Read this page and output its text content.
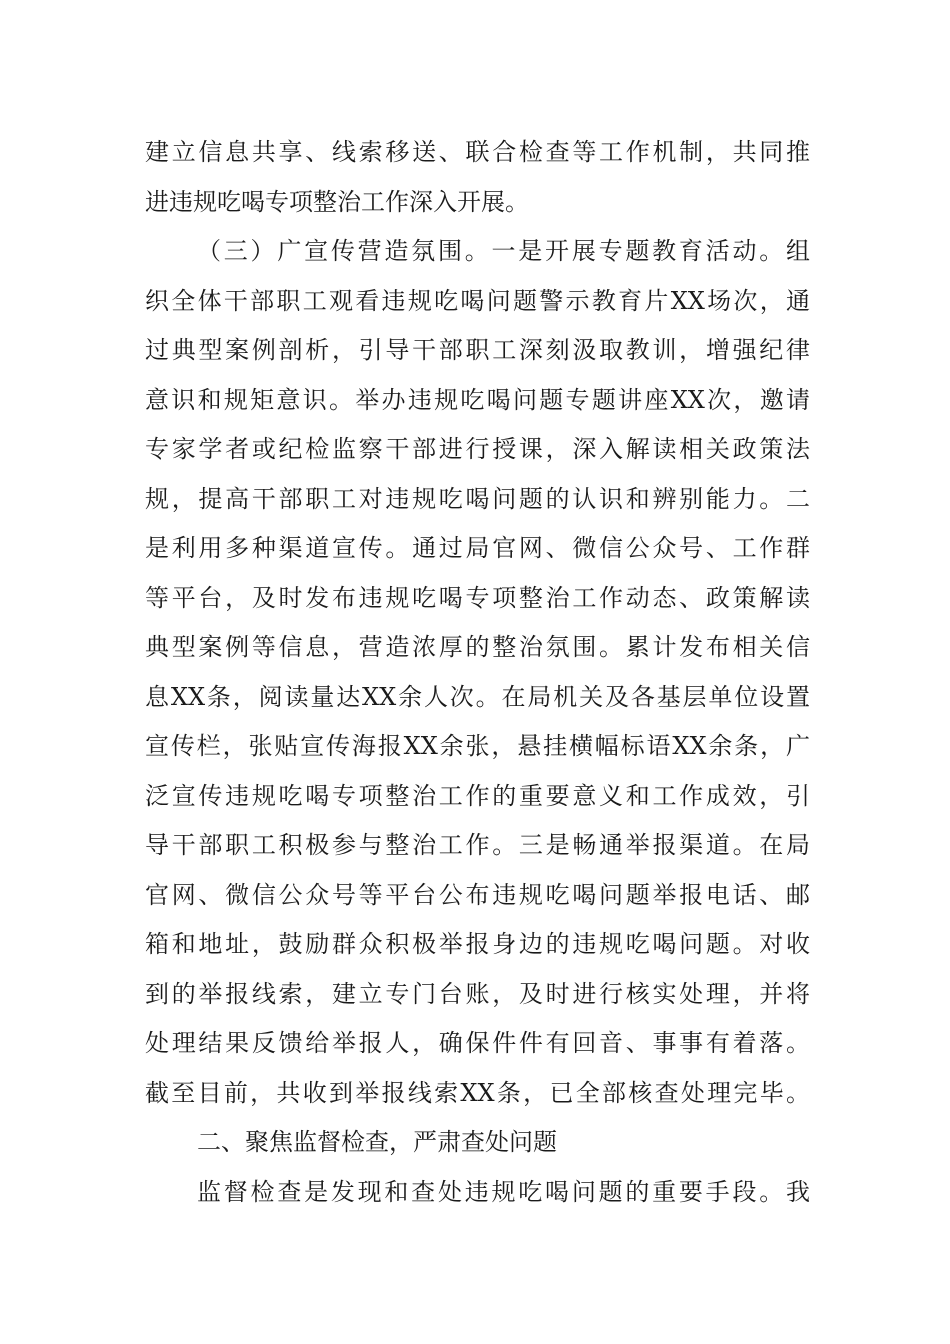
建立信息共享、线索移送、联合检查等工作机制，共同推
进违规吃喝专项整治工作深入开展。
（三）广宣传营造氛围。一是开展专题教育活动。组
织全体干部职工观看违规吃喝问题警示教育片XX场次，通
过典型案例剖析，引导干部职工深刻汲取教训，增强纪律
意识和规矩意识。举办违规吃喝问题专题讲座XX次，邀请
专家学者或纪检监察干部进行授课，深入解读相关政策法
规，提高干部职工对违规吃喝问题的认识和辨别能力。二
是利用多种渠道宣传。通过局官网、微信公众号、工作群
等平台，及时发布违规吃喝专项整治工作动态、政策解读
典型案例等信息，营造浓厚的整治氛围。累计发布相关信
息XX条，阅读量达XX余人次。在局机关及各基层单位设置
宣传栏，张贴宣传海报XX余张，悬挂横幅标语XX余条，广
泛宣传违规吃喝专项整治工作的重要意义和工作成效，引
导干部职工积极参与整治工作。三是畅通举报渠道。在局
官网、微信公众号等平台公布违规吃喝问题举报电话、邮
箱和地址，鼓励群众积极举报身边的违规吃喝问题。对收
到的举报线索，建立专门台账，及时进行核实处理，并将
处理结果反馈给举报人，确保件件有回音、事事有着落。
截至目前，共收到举报线索XX条，已全部核查处理完毕。
二、聚焦监督检查，严肃查处问题
监督检查是发现和查处违规吃喝问题的重要手段。我
